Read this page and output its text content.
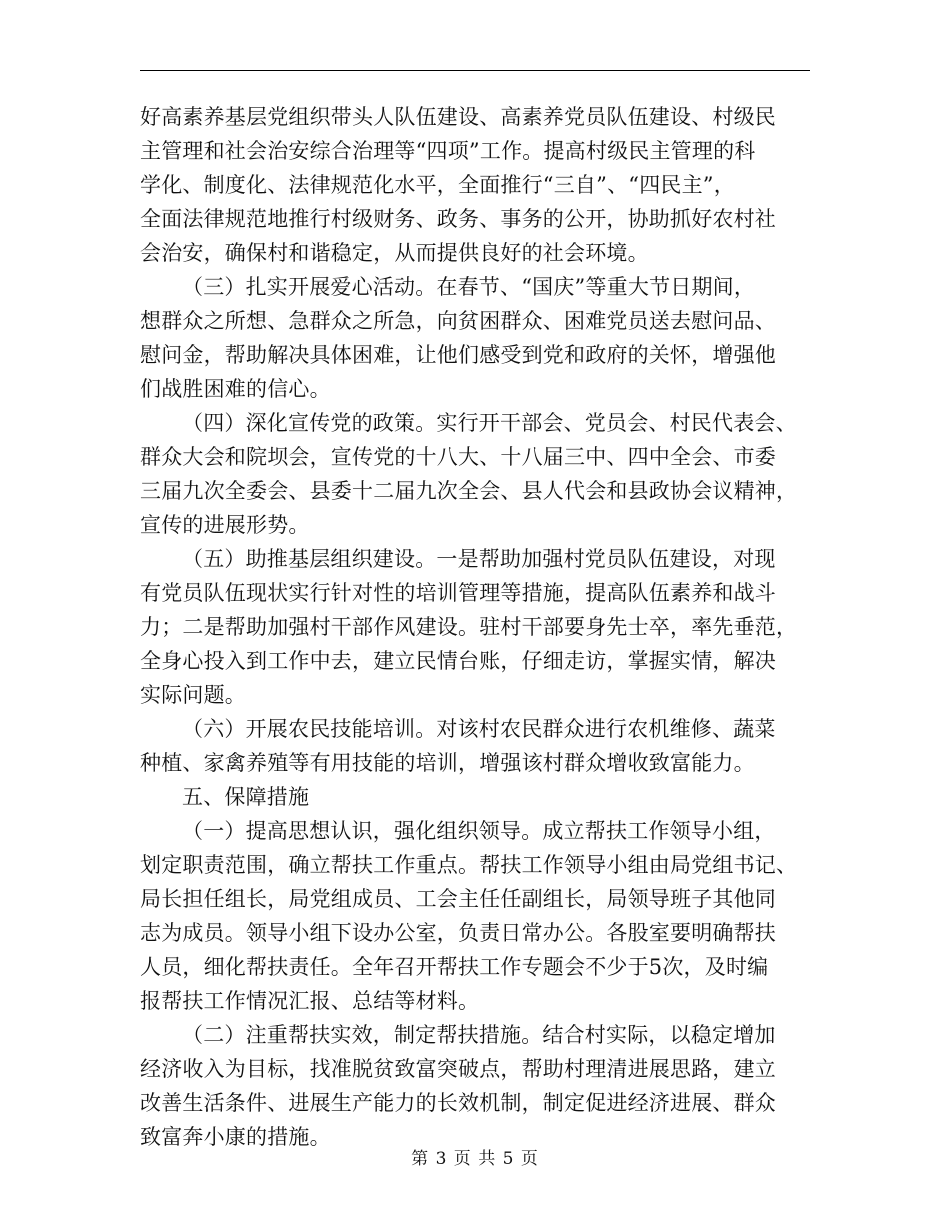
好高素养基层党组织带头人队伍建设、高素养党员队伍建设、村级民
主管理和社会治安综合治理等“四项”工作。提高村级民主管理的科
学化、制度化、法律规范化水平，全面推行“三自”、“四民主”，
全面法律规范地推行村级财务、政务、事务的公开，协助抓好农村社
会治安，确保村和谐稳定，从而提供良好的社会环境。
（三）扎实开展爱心活动。在春节、“国庆”等重大节日期间，
想群众之所想、急群众之所急，向贫困群众、困难党员送去慰问品、
慰问金，帮助解决具体困难，让他们感受到党和政府的关怀，增强他
们战胜困难的信心。
（四）深化宣传党的政策。实行开干部会、党员会、村民代表会、
群众大会和院坝会，宣传党的十八大、十八届三中、四中全会、市委
三届九次全委会、县委十二届九次全会、县人代会和县政协会议精神，
宣传的进展形势。
（五）助推基层组织建设。一是帮助加强村党员队伍建设，对现
有党员队伍现状实行针对性的培训管理等措施，提高队伍素养和战斗
力；二是帮助加强村干部作风建设。驻村干部要身先士卒，率先垂范，
全身心投入到工作中去，建立民情台账，仔细走访，掌握实情，解决
实际问题。
（六）开展农民技能培训。对该村农民群众进行农机维修、蔬菜
种植、家禽养殖等有用技能的培训，增强该村群众增收致富能力。
五、保障措施
（一）提高思想认识，强化组织领导。成立帮扶工作领导小组，
划定职责范围，确立帮扶工作重点。帮扶工作领导小组由局党组书记、
局长担任组长，局党组成员、工会主任任副组长，局领导班子其他同
志为成员。领导小组下设办公室，负责日常办公。各股室要明确帮扶
人员，细化帮扶责任。全年召开帮扶工作专题会不少于5次，及时编
报帮扶工作情况汇报、总结等材料。
（二）注重帮扶实效，制定帮扶措施。结合村实际，以稳定增加
经济收入为目标，找准脱贫致富突破点，帮助村理清进展思路，建立
改善生活条件、进展生产能力的长效机制，制定促进经济进展、群众
致富奔小康的措施。
第 3 页 共 5 页
